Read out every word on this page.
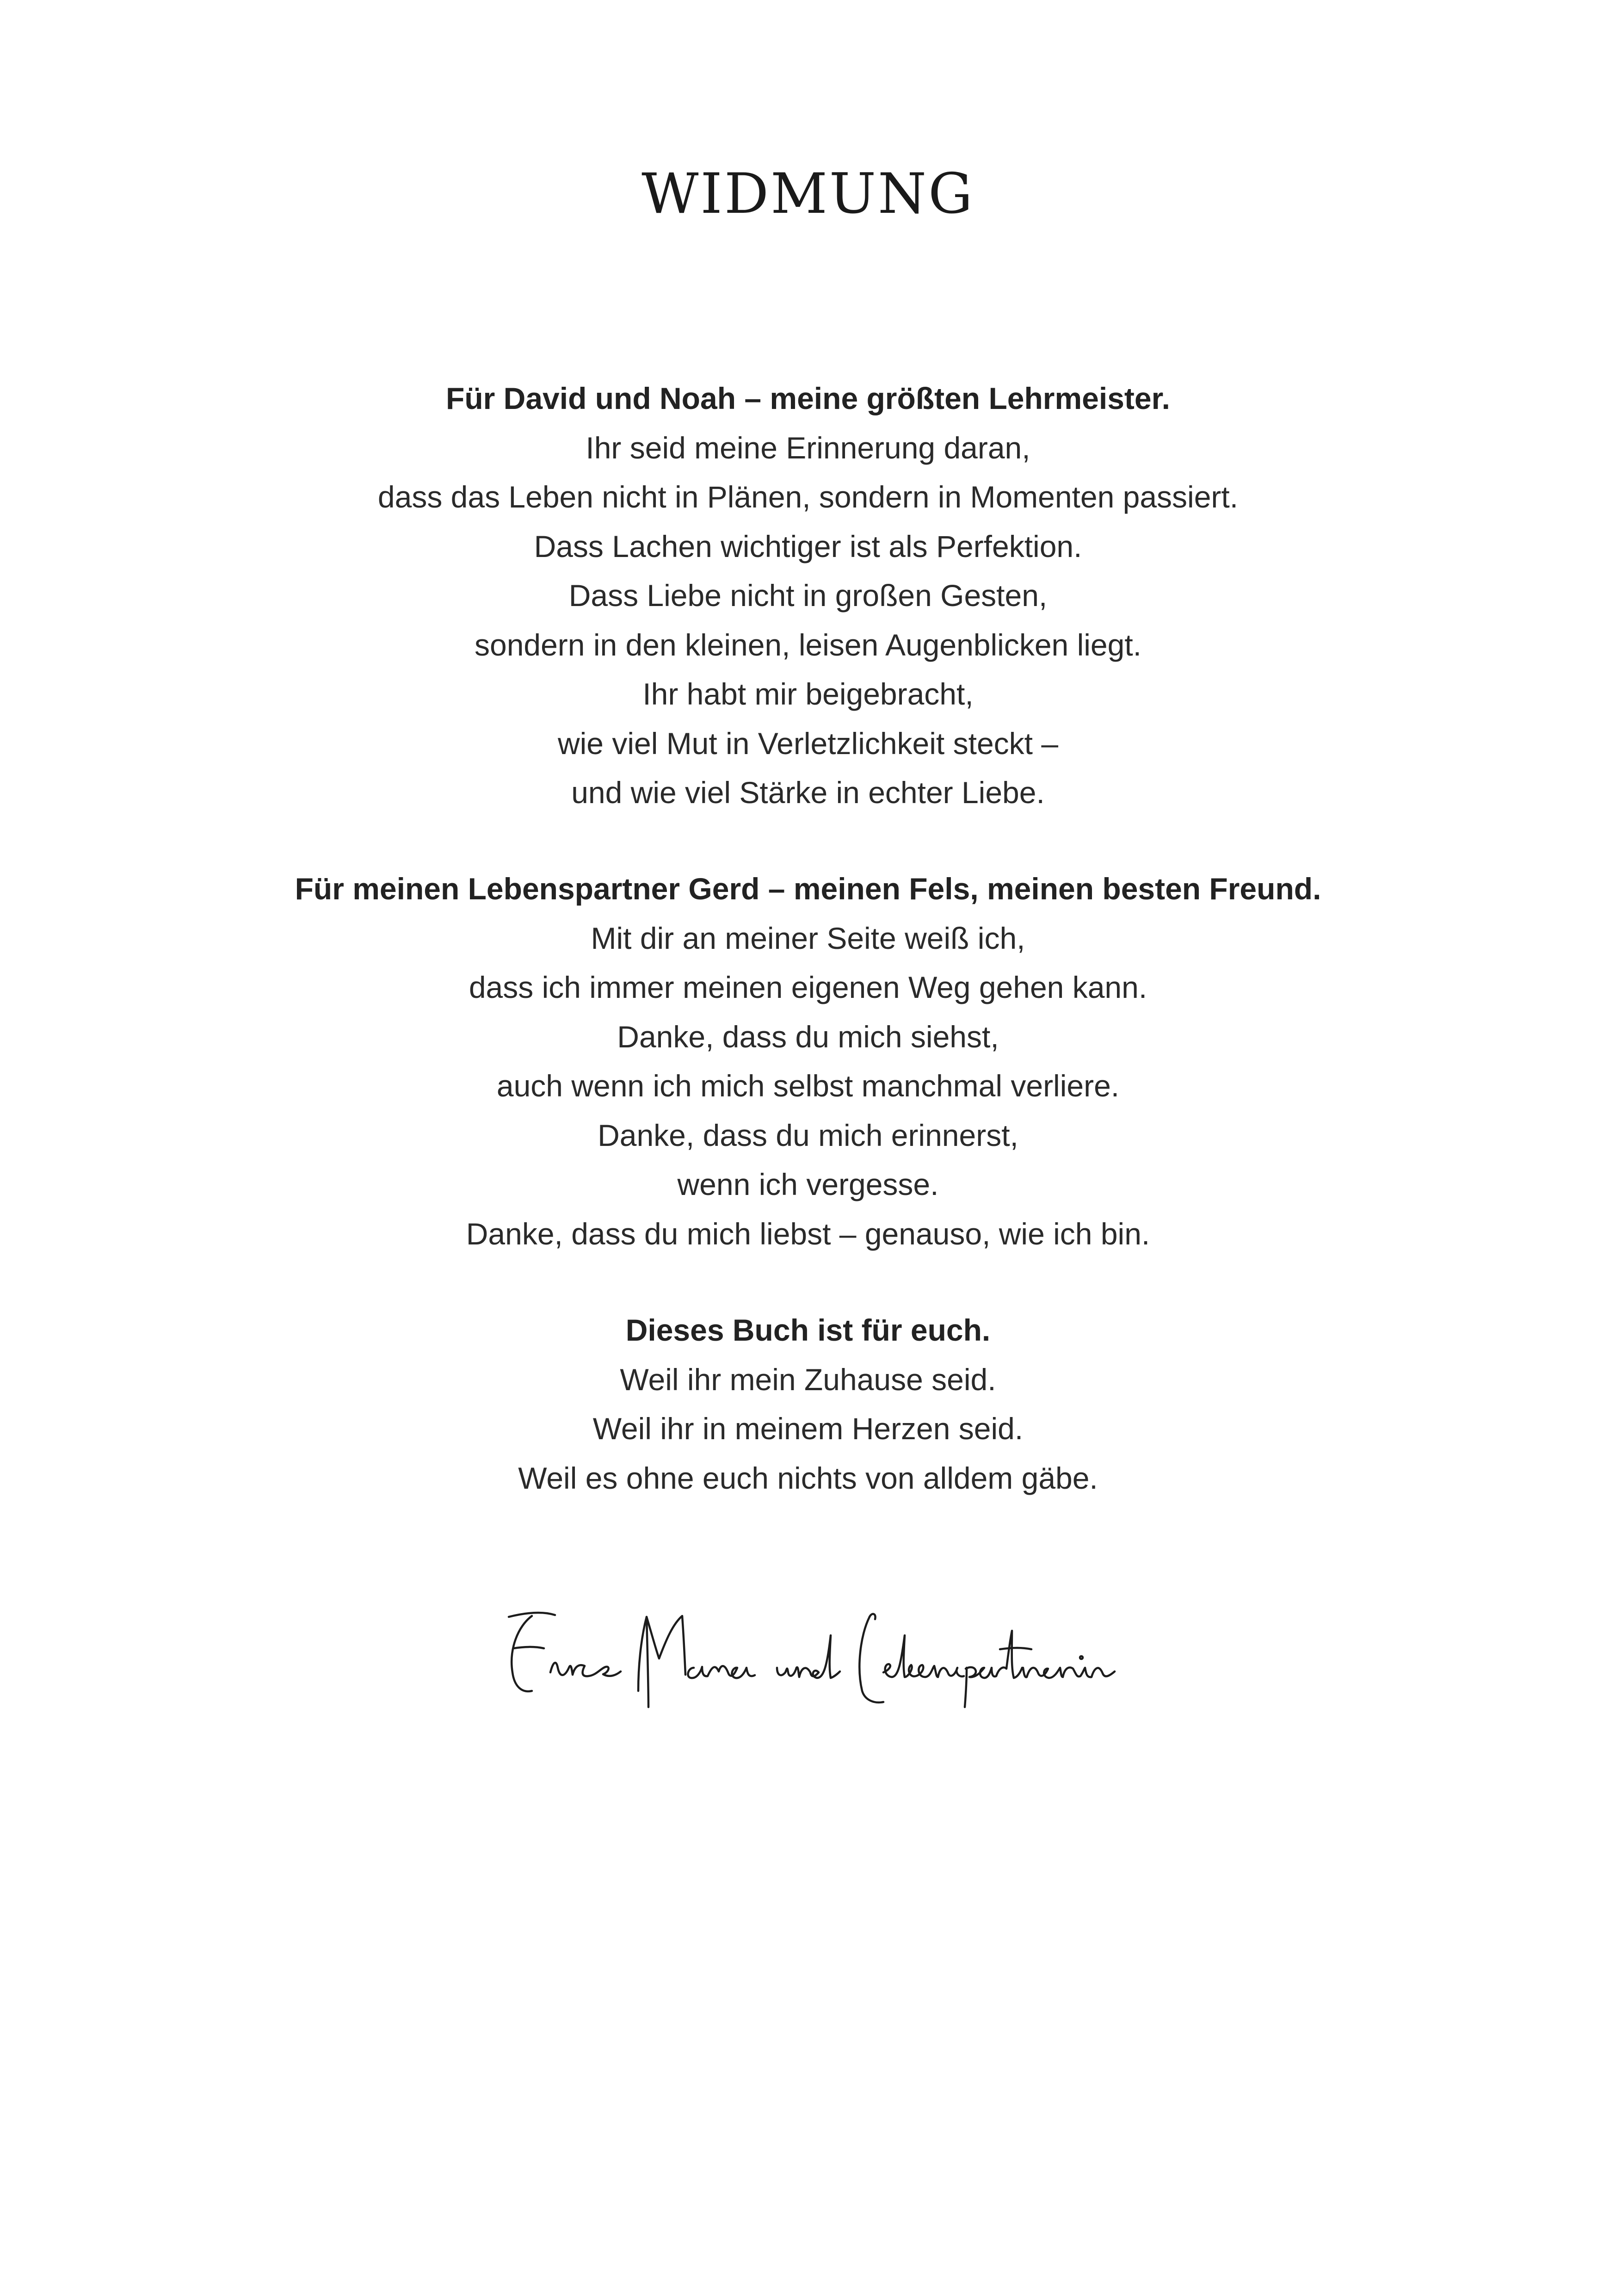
WIDMUNG
Für David und Noah – meine größten Lehrmeister.
Ihr seid meine Erinnerung daran,
dass das Leben nicht in Plänen, sondern in Momenten passiert.
Dass Lachen wichtiger ist als Perfektion.
Dass Liebe nicht in großen Gesten,
sondern in den kleinen, leisen Augenblicken liegt.
Ihr habt mir beigebracht,
wie viel Mut in Verletzlichkeit steckt –
und wie viel Stärke in echter Liebe.
Für meinen Lebenspartner Gerd – meinen Fels, meinen besten Freund.
Mit dir an meiner Seite weiß ich,
dass ich immer meinen eigenen Weg gehen kann.
Danke, dass du mich siehst,
auch wenn ich mich selbst manchmal verliere.
Danke, dass du mich erinnerst,
wenn ich vergesse.
Danke, dass du mich liebst – genauso, wie ich bin.
Dieses Buch ist für euch.
Weil ihr mein Zuhause seid.
Weil ihr in meinem Herzen seid.
Weil es ohne euch nichts von alldem gäbe.
